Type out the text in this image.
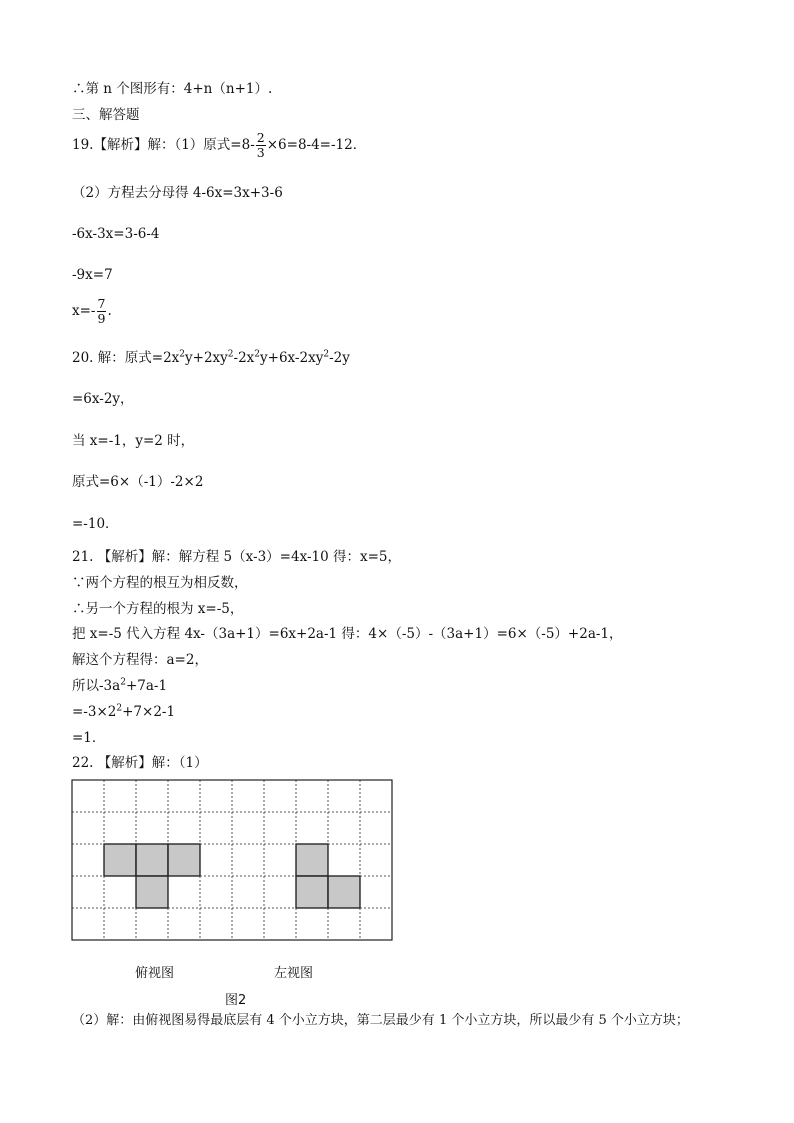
∴第 n 个图形有：4+n（n+1）.
三、解答题
19.【解析】解：（1）原式$=8- \frac{2}{3} \times 6=8-4=-12$．
（2）方程去分母得 4-6x=3x+3-6
-6x-3x=3-6-4
-9x=7
$x=- \frac{7}{9}$ .
20. 解：原式$=2x^2y+2xy^2-2x^2y+6x-2xy^2-2y$
=6x-2y，
当 x=-1，y=2 时，
原式=6×（-1）-2×2
=-10．
21. 【解析】解：解方程 5（x-3）=4x-10 得：x=5，
∵两个方程的根互为相反数，
∴另一个方程的根为 x=-5，
把 x=-5 代入方程 4x-（3a+1）=6x+2a-1 得：4×（-5）-（3a+1）=6×（-5）+2a-1，
解这个方程得：a=2，
所以$-3a^2+7a-1$
$=-3\times 2^2+7\times 2-1$
=1．
22. 【解析】解：（1）
俯视图	左视图
图2
（2）解：由俯视图易得最底层有 4 个小立方块，第二层最少有 1 个小立方块，所以最少有 5 个小立方块；
